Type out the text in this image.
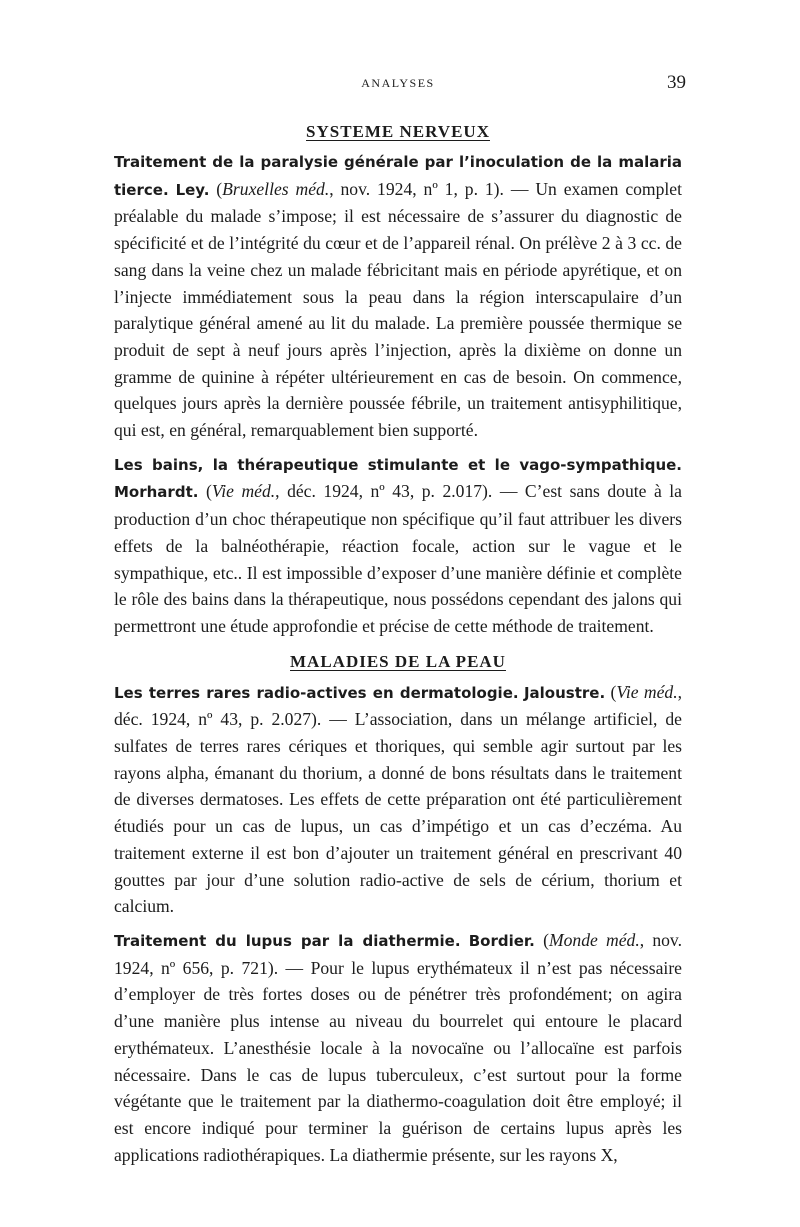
ANALYSES	39
SYSTEME NERVEUX

Traitement de la paralysie générale par l’inoculation de la malaria tierce. Ley. (Bruxelles méd., nov. 1924, nº 1, p. 1). — Un examen complet préalable du malade s’impose; il est nécessaire de s’assurer du diagnostic de spécificité et de l’intégrité du cœur et de l’appareil rénal. On prélève 2 à 3 cc. de sang dans la veine chez un malade fébricitant mais en période apyrétique, et on l’injecte immédiatement sous la peau dans la région interscapulaire d’un paralytique général amené au lit du malade. La première poussée thermique se produit de sept à neuf jours après l’injection, après la dixième on donne un gramme de quinine à répéter ultérieurement en cas de besoin. On commence, quelques jours après la dernière poussée fébrile, un traitement antisyphilitique, qui est, en général, remarquablement bien supporté.

Les bains, la thérapeutique stimulante et le vago-sympathique. Morhardt. (Vie méd., déc. 1924, nº 43, p. 2.017). — C’est sans doute à la production d’un choc thérapeutique non spécifique qu’il faut attribuer les divers effets de la balnéothérapie, réaction focale, action sur le vague et le sympathique, etc.. Il est impossible d’exposer d’une manière définie et complète le rôle des bains dans la thérapeutique, nous possédons cependant des jalons qui permettront une étude approfondie et précise de cette méthode de traitement.

MALADIES DE LA PEAU

Les terres rares radio-actives en dermatologie. Jaloustre. (Vie méd., déc. 1924, nº 43, p. 2.027). — L’association, dans un mélange artificiel, de sulfates de terres rares cériques et thoriques, qui semble agir surtout par les rayons alpha, émanant du thorium, a donné de bons résultats dans le traitement de diverses dermatoses. Les effets de cette préparation ont été particulièrement étudiés pour un cas de lupus, un cas d’impétigo et un cas d’eczéma. Au traitement externe il est bon d’ajouter un traitement général en prescrivant 40 gouttes par jour d’une solution radio-active de sels de cérium, thorium et calcium.

Traitement du lupus par la diathermie. Bordier. (Monde méd., nov. 1924, nº 656, p. 721). — Pour le lupus erythémateux il n’est pas nécessaire d’employer de très fortes doses ou de pénétrer très profondément; on agira d’une manière plus intense au niveau du bourrelet qui entoure le placard erythémateux. L’anesthésie locale à la novocaïne ou l’allocaïne est parfois nécessaire. Dans le cas de lupus tuberculeux, c’est surtout pour la forme végétante que le traitement par la diathermo-coagulation doit être employé; il est encore indiqué pour terminer la guérison de certains lupus après les applications radiothérapiques. La diathermie présente, sur les rayons X,
